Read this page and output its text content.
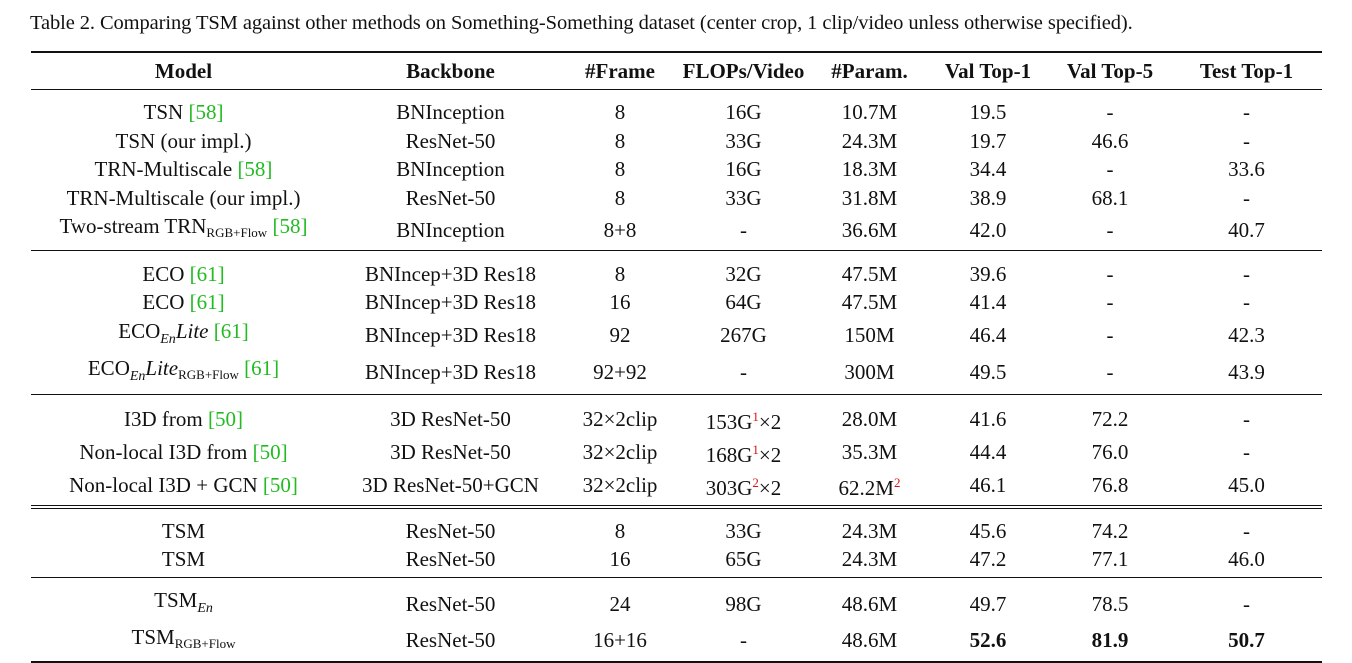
Table 2. Comparing TSM against other methods on Something-Something dataset (center crop, 1 clip/video unless otherwise specified).
Model	Backbone	#Frame	FLOPs/Video	#Param.	Val Top-1	Val Top-5	Test Top-1
TSN [58]	BNInception	8	16G	10.7M	19.5	-	-
TSN (our impl.)	ResNet-50	8	33G	24.3M	19.7	46.6	-
TRN-Multiscale [58]	BNInception	8	16G	18.3M	34.4	-	33.6
TRN-Multiscale (our impl.)	ResNet-50	8	33G	31.8M	38.9	68.1	-
Two-stream $TRN_{RGB+Flow}$ [58]	BNInception	8+8	-	36.6M	42.0	-	40.7
ECO [61]	BNIncep+3D Res18	8	32G	47.5M	39.6	-	-
ECO [61]	BNIncep+3D Res18	16	64G	47.5M	41.4	-	-
$ECO_{En}Lite$ [61]	BNIncep+3D Res18	92	267G	150M	46.4	-	42.3
$ECO_{En}Lite_{RGB+Flow}$ [61]	BNIncep+3D Res18	92+92	-	300M	49.5	-	43.9
I3D from [50]	3D ResNet-50	32×2clip	153G$^1$×2	28.0M	41.6	72.2	-
Non-local I3D from [50]	3D ResNet-50	32×2clip	168G$^1$×2	35.3M	44.4	76.0	-
Non-local I3D + GCN [50]	3D ResNet-50+GCN	32×2clip	303G$^2$×2	62.2M$^2$	46.1	76.8	45.0
TSM	ResNet-50	8	33G	24.3M	45.6	74.2	-
TSM	ResNet-50	16	65G	24.3M	47.2	77.1	46.0
$TSM_{En}$	ResNet-50	24	98G	48.6M	49.7	78.5	-
$TSM_{RGB+Flow}$	ResNet-50	16+16	-	48.6M	52.6	81.9	50.7
